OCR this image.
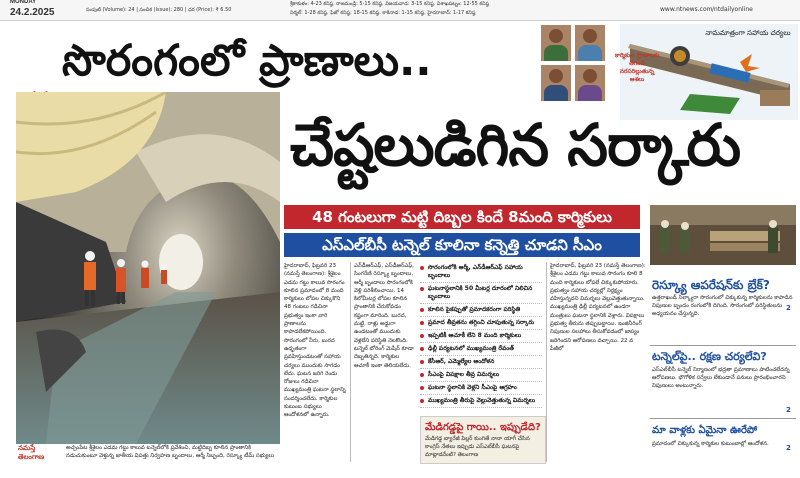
MONDAY
24.2.2025	సంపుటి (Volume): 24 | సంచిక (Issue): 280 | ధర (Price): ₹ 6.50
శ్రీకాకుళం: 4-23 కనిష్ఠ. రాజమండ్రి: 5-15 కనిష్ఠ. విజయవాడ: 3-15 కనిష్ఠ. విశాఖపట్నం: 12-55 కనిష్ఠ
నిర్మల్: 1-28 కనిష్ఠ. ఫిజో కనిష్ఠ: 18-15 కనిష్ఠ. కాకినాడ: 1-15 కనిష్ఠ. హైదరాబాద్: 1-17 కనిష్ఠ	www.ntnews.com /ntdailyonline
సొరంగంలో ప్రాణాలు..	కార్మికుల ప్రాణాలకు తెగించి నరసరిల్లుతున్న ఆశలు
నామమాత్రంగా సహాయ చర్యలు
చేష్టలుడిగిన సర్కారు
నమస్తే తెలంగాణ
అచ్చంపేట శ్రీశైలం ఎడమ గట్టు కాలువ టన్నెల్‌లోకి ప్రవేశించి, మట్టిదిబ్బ కూలిన ప్రాంతానికి నడుచుకుంటూ వెళ్తున్న జాతీయ విపత్తు నిర్వహణ బృందాలు, ఆర్మీ సిబ్బంది, రెస్క్యూ టీమ్ సభ్యులు
48 గంటలుగా మట్టి దిబ్బల కిందే 8మంది కార్మికులు
ఎస్ఎల్‌బీసీ టన్నెల్ కూలినా కన్నెత్తి చూడని సీఎం
హైదరాబాద్, ఫిబ్రవరి 23 (నమస్తే తెలంగాణ): శ్రీశైలం ఎడమ గట్టు కాలువ సొరంగం కూలిన ప్రమాదంలో 8 మంది కార్మికులు లోపల చిక్కుకొని 48 గంటలు గడిచినా ప్రభుత్వం ఇంకా వారి ప్రాణాలను కాపాడలేకపోయింది. సొరంగంలో నీరు, బురద ఉధృతంగా ప్రవహిస్తుండటంతో సహాయ చర్యలు ముందుకు సాగడం లేదు. ఘటన జరిగి రెండు రోజులు గడిచినా ముఖ్యమంత్రి ఘటనా స్థలాన్ని సందర్శించలేదు. కార్మికుల కుటుంబ సభ్యులు ఆందోళనలో ఉన్నారు.
ఎన్‌డీఆర్‌ఎఫ్, ఎస్‌డీఆర్‌ఎఫ్, సింగరేణి రెస్క్యూ బృందాలు, ఆర్మీ బృందాలు సొరంగంలోకి వెళ్లి పరిశీలించాయి. 14 కిలోమీటర్ల లోపల కూలిన ప్రాంతానికి చేరుకోవడం కష్టంగా మారింది. బురద, మట్టి, రాళ్లు అడ్డుగా ఉండటంతో ముందుకు వెళ్లలేని పరిస్థితి నెలకొంది. టన్నెల్ బోరింగ్ మెషీన్ కూడా దెబ్బతిన్నది. కార్మికుల ఆచూకీ ఇంకా తెలియలేదు.
సొరంగంలోకి ఆర్మీ, ఎన్‌డీఆర్‌ఎఫ్ సహాయ బృందాలు
ఘటనాస్థలానికి 50 మీటర్ల దూరంలో నిలిచిన బృందాలు
కూలిన పైకప్పుతో ప్రమాదకరంగా పరిస్థితి
ప్రమాద తీవ్రతను తగ్గించి చూపుతున్న సర్కారు
ఇప్పటికీ ఆచూకీ లేని 8 మంది కార్మికులు
ఢిల్లీ పర్యటనలో ముఖ్యమంత్రి రేవంత్
కేసీఆర్, ఎమ్మెల్యేల ఆందోళన
సీఎంపై విపక్షాల తీవ్ర విమర్శలు
ఘటనా స్థలానికి వెళ్లని సీఎంపై ఆగ్రహం
ముఖ్యమంత్రి తీరుపై వెల్లువెత్తుతున్న విమర్శలు
మేడిగడ్డపై గాయి.. ఇప్పుడేది?
మేడిగడ్డ బ్యారేజీ పిల్లర్ కుంగితే నానా యాగీ చేసిన కాంగ్రెస్ నేతలు ఇప్పుడు ఎస్ఎల్‌బీసీ ఘటనపై మాట్లాడరేంటి? తెలంగాణ
హైదరాబాద్, ఫిబ్రవరి 23 (నమస్తే తెలంగాణ): శ్రీశైలం ఎడమ గట్టు కాలువ సొరంగం కూలి 8 మంది కార్మికులు లోపలే చిక్కుకుపోయారు. ప్రభుత్వం సహాయ చర్యల్లో నిర్లక్ష్యం వహిస్తున్నదని విమర్శలు వెల్లువెత్తుతున్నాయి. ముఖ్యమంత్రి ఢిల్లీ పర్యటనలో ఉండగా మంత్రులు ఘటనా స్థలానికి వెళ్లారు. విపక్షాలు ప్రభుత్వ తీరును తప్పుబట్టాయి. ఇంజినీరింగ్ నిపుణుల సలహాలు తీసుకోవడంలో జాప్యం జరిగిందని ఆరోపణలు వచ్చాయి. 22 వ పేజీలో
రెస్క్యూ ఆపరేషన్‌కు బ్రేక్?
ఉత్తరాఖండ్ సిల్క్యారా సొరంగంలో చిక్కుకున్న కార్మికులను కాపాడిన నిపుణుల బృందం రంగంలోకి దిగింది. సొరంగంలో పరిస్థితులను అధ్యయనం చేస్తున్నది.
2
టన్నెల్‌పై.. రక్షణ చర్యలేవి?
ఎస్ఎల్‌బీసీ టన్నెల్ నిర్మాణంలో భద్రతా ప్రమాణాలు పాటించలేదన్న ఆరోపణలు. భౌగోళిక సర్వేలు లేకుండానే పనులు ప్రారంభించారని నిపుణులు అంటున్నారు.
2
మా వాళ్లకు ఏమైనా ఊరేపో
ప్రమాదంలో చిక్కుకున్న కార్మికుల కుటుంబాల్లో ఆందోళన.	2
